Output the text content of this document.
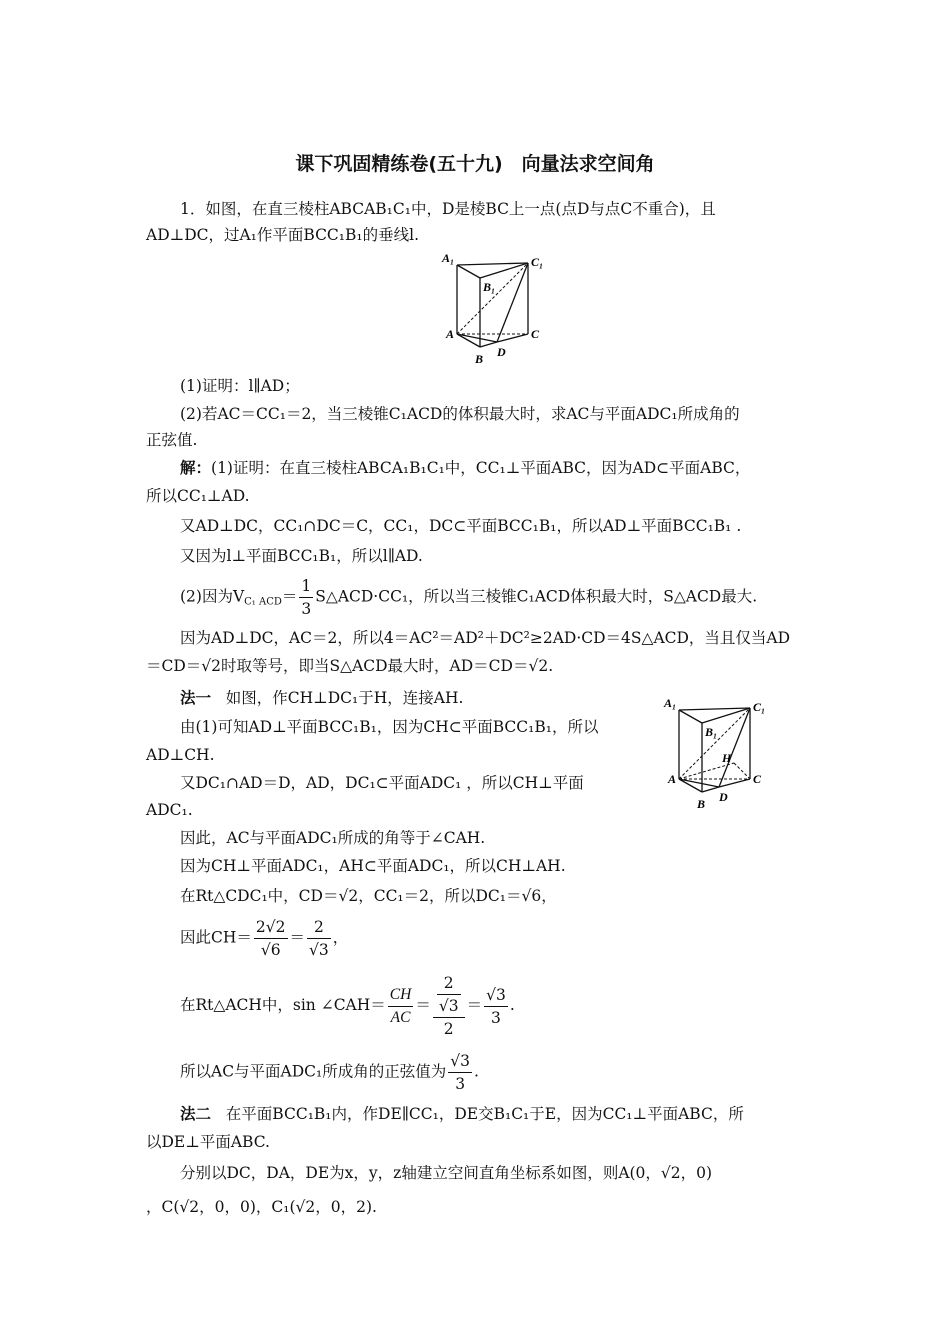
课下巩固精练卷(五十九)　向量法求空间角
1．如图，在直三棱柱ABCAB₁C₁中，D是棱BC上一点(点D与点C不重合)，且
AD⊥DC，过A₁作平面BCC₁B₁的垂线l.
A₁	C₁
B₁
A	C
B D
(1)证明：l∥AD；
(2)若AC＝CC₁＝2，当三棱锥C₁ACD的体积最大时，求AC与平面ADC₁所成角的
正弦值.
解：(1)证明：在直三棱柱ABCA₁B₁C₁中，CC₁⊥平面ABC，因为AD⊂平面ABC，
所以CC₁⊥AD.
又AD⊥DC，CC₁∩DC＝C，CC₁，DC⊂平面BCC₁B₁，所以AD⊥平面BCC₁B₁ .
又因为l⊥平面BCC₁B₁，所以l∥AD.
(2)因为$V_{C_1 ACD}= \frac{1}{3}$ S△ACD·CC₁，所以当三棱锥C₁ACD体积最大时，S△ACD最大.
因为AD⊥DC，AC＝2，所以4＝AC²＝AD²＋DC²≥2AD·CD＝4S△ACD，当且仅当AD
＝CD＝√2时取等号，即当S△ACD最大时，AD＝CD＝√2.
法一 如图，作CH⊥DC₁于H，连接AH.
由(1)可知AD⊥平面BCC₁B₁，因为CH⊂平面BCC₁B₁，所以
AD⊥CH.
又DC₁∩AD＝D，AD，DC₁⊂平面ADC₁ ，所以CH⊥平面
ADC₁.
A₁	C₁
B₁
H
A	C
B D
因此，AC与平面ADC₁所成的角等于∠CAH.
因为CH⊥平面ADC₁，AH⊂平面ADC₁，所以CH⊥AH.
在Rt△CDC₁中，CD＝√2，CC₁＝2，所以DC₁＝√6，
因此$CH= \frac{2√2}{√6} = \frac{2}{√3}$ ，
在Rt△ACH中，sin ∠CAH＝ $\frac{CH}{AC} = \frac{\frac{2}{√3}}{2} = \frac{√3}{3}$ .
所以AC与平面ADC₁所成角的正弦值为 $\frac{√3}{3}$ .
法二 在平面BCC₁B₁内，作DE∥CC₁，DE交B₁C₁于E，因为CC₁⊥平面ABC，所
以DE⊥平面ABC.
分别以DC，DA，DE为x，y，z轴建立空间直角坐标系如图，则A(0，√2，0)
，C(√2，0，0)，C₁(√2，0，2).
